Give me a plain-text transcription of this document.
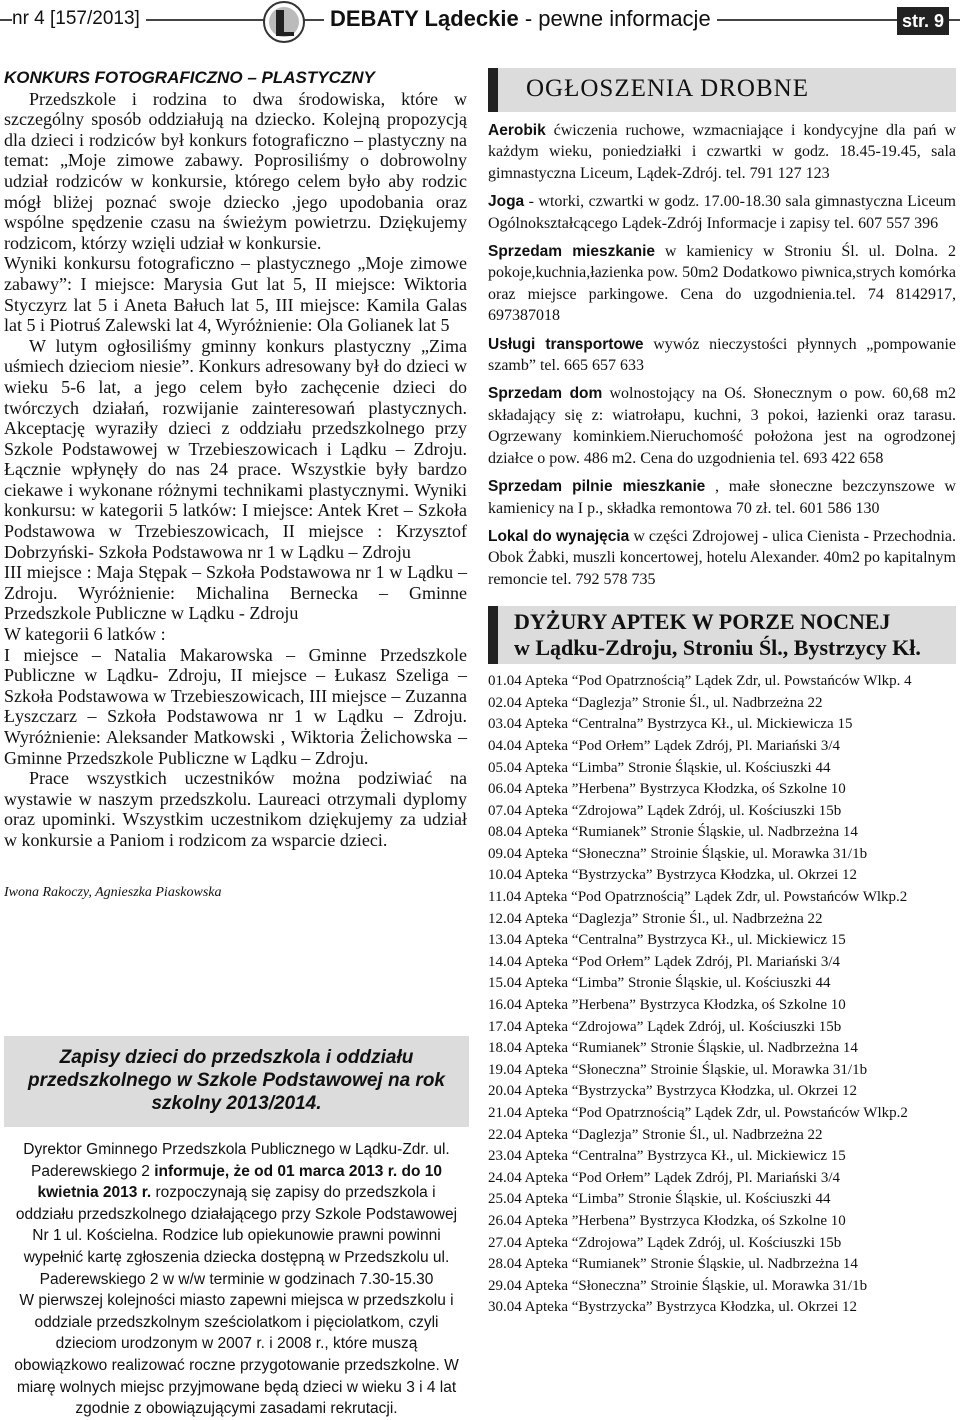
nr 4 [157/2013]	DEBATY Lądeckie - pewne informacje	str. 9

KONKURS FOTOGRAFICZNO – PLASTYCZNY

Przedszkole i rodzina to dwa środowiska, które w szczególny sposób oddziałują na dziecko. Kolejną propozycją dla dzieci i rodziców był konkurs fotograficzno – plastyczny na temat: „Moje zimowe zabawy. Poprosiliśmy o dobrowolny udział rodziców w konkursie, którego celem było aby rodzic mógł bliżej poznać swoje dziecko ,jego upodobania oraz wspólne spędzenie czasu na świeżym powietrzu. Dziękujemy rodzicom, którzy wzięli udział w konkursie.

Wyniki konkursu fotograficzno – plastycznego „Moje zimowe zabawy”: I miejsce: Marysia Gut lat 5, II miejsce: Wiktoria Styczyrz lat 5 i Aneta Bałuch lat 5, III miejsce: Kamila Galas lat 5 i Piotruś Zalewski lat 4, Wyróżnienie: Ola Golianek lat 5

W lutym ogłosiliśmy gminny konkurs plastyczny „Zima uśmiech dzieciom niesie”. Konkurs adresowany był do dzieci w wieku 5-6 lat, a jego celem było zachęcenie dzieci do twórczych działań, rozwijanie zainteresowań plastycznych. Akceptację wyraziły dzieci z oddziału przedszkolnego przy Szkole Podstawowej w Trzebieszowicach i Lądku – Zdroju. Łącznie wpłynęły do nas 24 prace. Wszystkie były bardzo ciekawe i wykonane różnymi technikami plastycznymi. Wyniki konkursu: w kategorii 5 latków: I miejsce: Antek Kret – Szkoła Podstawowa w Trzebieszowicach, II miejsce : Krzysztof Dobrzyński- Szkoła Podstawowa nr 1 w Lądku – Zdroju

III miejsce : Maja Stępak – Szkoła Podstawowa nr 1 w Lądku – Zdroju. Wyróżnienie: Michalina Bernecka – Gminne Przedszkole Publiczne w Lądku - Zdroju

W kategorii 6 latków :

I miejsce – Natalia Makarowska – Gminne Przedszkole Publiczne w Lądku- Zdroju, II miejsce – Łukasz Szeliga – Szkoła Podstawowa w Trzebieszowicach, III miejsce – Zuzanna Łyszczarz – Szkoła Podstawowa nr 1 w Lądku – Zdroju. Wyróżnienie: Aleksander Matkowski , Wiktoria Żelichowska – Gminne Przedszkole Publiczne w Lądku – Zdroju.

Prace wszystkich uczestników można podziwiać na wystawie w naszym przedszkolu. Laureaci otrzymali dyplomy oraz upominki. Wszystkim uczestnikom dziękujemy za udział w konkursie a Paniom i rodzicom za wsparcie dzieci.

Iwona Rakoczy, Agnieszka Piaskowska

Zapisy dzieci do przedszkola i oddziału przedszkolnego w Szkole Podstawowej na rok szkolny 2013/2014.
Dyrektor Gminnego Przedszkola Publicznego w Lądku-Zdr. ul. Paderewskiego 2 informuje, że od 01 marca 2013 r. do 10 kwietnia 2013 r. rozpoczynają się zapisy do przedszkola i oddziału przedszkolnego działającego przy Szkole Podstawowej Nr 1 ul. Kościelna. Rodzice lub opiekunowie prawni powinni wypełnić kartę zgłoszenia dziecka dostępną w Przedszkolu ul. Paderewskiego 2 w w/w terminie w godzinach 7.30-15.30
W pierwszej kolejności miasto zapewni miejsca w przedszkolu i oddziale przedszkolnym sześciolatkom i pięciolatkom, czyli dzieciom urodzonym w 2007 r. i 2008 r., które muszą obowiązkowo realizować roczne przygotowanie przedszkolne. W miarę wolnych miejsc przyjmowane będą dzieci w wieku 3 i 4 lat zgodnie z obowiązującymi zasadami rekrutacji.
OGŁOSZENIA DROBNE

Aerobik ćwiczenia ruchowe, wzmacniające i kondycyjne dla pań w każdym wieku, poniedziałki i czwartki w godz. 18.45-19.45, sala gimnastyczna Liceum, Lądek-Zdrój. tel. 791 127 123

Joga - wtorki, czwartki w godz. 17.00-18.30 sala gimnastyczna Liceum Ogólnokształcącego Lądek-Zdrój Informacje i zapisy tel. 607 557 396

Sprzedam mieszkanie w kamienicy w Stroniu Śl. ul. Dolna. 2 pokoje,kuchnia,łazienka pow. 50m2 Dodatkowo piwnica,strych komórka oraz miejsce parkingowe. Cena do uzgodnienia.tel. 74 8142917, 697387018

Usługi transportowe wywóz nieczystości płynnych „pompowanie szamb” tel. 665 657 633

Sprzedam dom wolnostojący na Oś. Słonecznym o pow. 60,68 m2 składający się z: wiatrołapu, kuchni, 3 pokoi, łazienki oraz tarasu. Ogrzewany kominkiem.Nieruchomość położona jest na ogrodzonej działce o pow. 486 m2. Cena do uzgodnienia tel. 693 422 658

Sprzedam pilnie mieszkanie , małe słoneczne bezczynszowe w kamienicy na I p., składka remontowa 70 zł. tel. 601 586 130

Lokal do wynajęcia w części Zdrojowej - ulica Cienista - Przechodnia. Obok Żabki, muszli koncertowej, hotelu Alexander. 40m2 po kapitalnym remoncie tel. 792 578 735

DYŻURY APTEK W PORZE NOCNEJ
w Lądku-Zdroju, Stroniu Śl., Bystrzycy Kł.
01.04 Apteka “Pod Opatrznością” Lądek Zdr, ul. Powstańców Wlkp. 4
02.04 Apteka “Daglezja” Stronie Śl., ul. Nadbrzeżna 22
03.04 Apteka “Centralna” Bystrzyca Kł., ul. Mickiewicza 15
04.04 Apteka “Pod Orłem” Lądek Zdrój, Pl. Mariański 3/4
05.04 Apteka “Limba” Stronie Śląskie, ul. Kościuszki 44
06.04 Apteka ”Herbena” Bystrzyca Kłodzka, oś Szkolne 10
07.04 Apteka “Zdrojowa” Lądek Zdrój, ul. Kościuszki 15b
08.04 Apteka “Rumianek” Stronie Śląskie, ul. Nadbrzeżna 14
09.04 Apteka “Słoneczna” Stroinie Śląskie, ul. Morawka 31/1b
10.04 Apteka “Bystrzycka” Bystrzyca Kłodzka, ul. Okrzei 12
11.04 Apteka “Pod Opatrznością” Lądek Zdr, ul. Powstańców Wlkp.2
12.04 Apteka “Daglezja” Stronie Śl., ul. Nadbrzeżna 22
13.04 Apteka “Centralna” Bystrzyca Kł., ul. Mickiewicz 15
14.04 Apteka “Pod Orłem” Lądek Zdrój, Pl. Mariański 3/4
15.04 Apteka “Limba” Stronie Śląskie, ul. Kościuszki 44
16.04 Apteka ”Herbena” Bystrzyca Kłodzka, oś Szkolne 10
17.04 Apteka “Zdrojowa” Lądek Zdrój, ul. Kościuszki 15b
18.04 Apteka “Rumianek” Stronie Śląskie, ul. Nadbrzeżna 14
19.04 Apteka “Słoneczna” Stroinie Śląskie, ul. Morawka 31/1b
20.04 Apteka “Bystrzycka” Bystrzyca Kłodzka, ul. Okrzei 12
21.04 Apteka “Pod Opatrznością” Lądek Zdr, ul. Powstańców Wlkp.2
22.04 Apteka “Daglezja” Stronie Śl., ul. Nadbrzeżna 22
23.04 Apteka “Centralna” Bystrzyca Kł., ul. Mickiewicz 15
24.04 Apteka “Pod Orłem” Lądek Zdrój, Pl. Mariański 3/4
25.04 Apteka “Limba” Stronie Śląskie, ul. Kościuszki 44
26.04 Apteka ”Herbena” Bystrzyca Kłodzka, oś Szkolne 10
27.04 Apteka “Zdrojowa” Lądek Zdrój, ul. Kościuszki 15b
28.04 Apteka “Rumianek” Stronie Śląskie, ul. Nadbrzeżna 14
29.04 Apteka “Słoneczna” Stroinie Śląskie, ul. Morawka 31/1b
30.04 Apteka “Bystrzycka” Bystrzyca Kłodzka, ul. Okrzei 12
